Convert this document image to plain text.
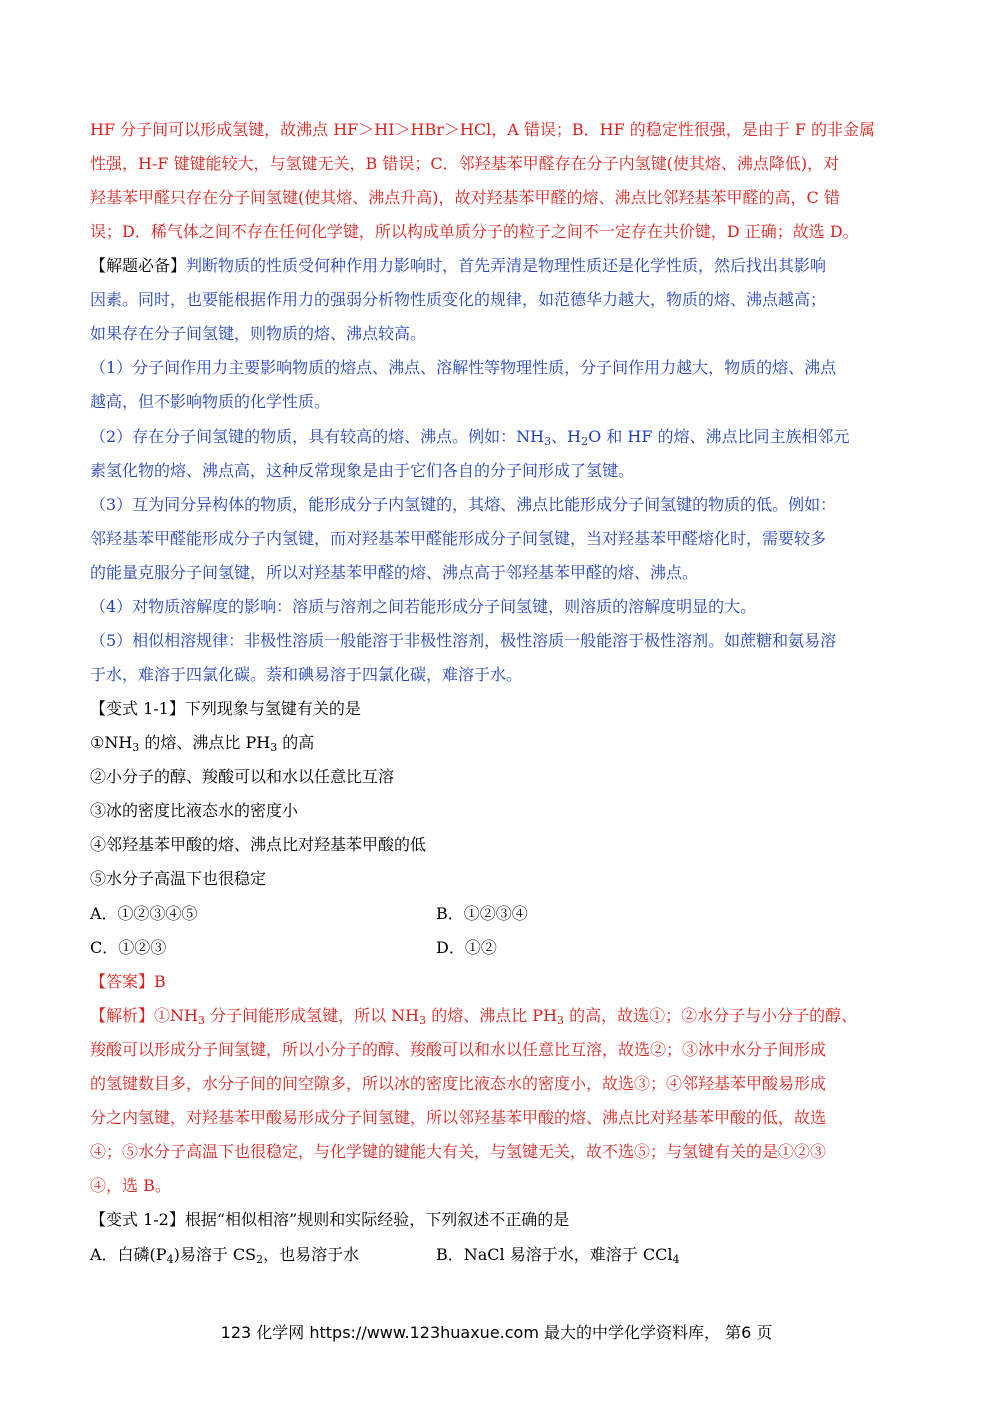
HF 分子间可以形成氢键，故沸点 HF＞HI＞HBr＞HCl，A 错误；B．HF 的稳定性很强，是由于 F 的非金属
性强，H-F 键键能较大，与氢键无关，B 错误；C．邻羟基苯甲醛存在分子内氢键(使其熔、沸点降低)，对
羟基苯甲醛只存在分子间氢键(使其熔、沸点升高)，故对羟基苯甲醛的熔、沸点比邻羟基苯甲醛的高，C 错
误；D．稀气体之间不存在任何化学键，所以构成单质分子的粒子之间不一定存在共价键，D 正确；故选 D。
【解题必备】判断物质的性质受何种作用力影响时，首先弄清是物理性质还是化学性质，然后找出其影响
因素。同时，也要能根据作用力的强弱分析物性质变化的规律，如范德华力越大，物质的熔、沸点越高；
如果存在分子间氢键，则物质的熔、沸点较高。
（1）分子间作用力主要影响物质的熔点、沸点、溶解性等物理性质，分子间作用力越大，物质的熔、沸点
越高，但不影响物质的化学性质。
（2）存在分子间氢键的物质，具有较高的熔、沸点。例如：$NH_3$、$H_2O$ 和 HF 的熔、沸点比同主族相邻元
素氢化物的熔、沸点高，这种反常现象是由于它们各自的分子间形成了氢键。
（3）互为同分异构体的物质，能形成分子内氢键的，其熔、沸点比能形成分子间氢键的物质的低。例如：
邻羟基苯甲醛能形成分子内氢键，而对羟基苯甲醛能形成分子间氢键，当对羟基苯甲醛熔化时，需要较多
的能量克服分子间氢键，所以对羟基苯甲醛的熔、沸点高于邻羟基苯甲醛的熔、沸点。
（4）对物质溶解度的影响：溶质与溶剂之间若能形成分子间氢键，则溶质的溶解度明显的大。
（5）相似相溶规律：非极性溶质一般能溶于非极性溶剂，极性溶质一般能溶于极性溶剂。如蔗糖和氨易溶
于水，难溶于四氯化碳。萘和碘易溶于四氯化碳，难溶于水。
【变式 1-1】下列现象与氢键有关的是
$①NH_3$ 的熔、沸点比 $PH_3$ 的高
②小分子的醇、羧酸可以和水以任意比互溶
③冰的密度比液态水的密度小
④邻羟基苯甲酸的熔、沸点比对羟基苯甲酸的低
⑤水分子高温下也很稳定
A．①②③④⑤	B．①②③④
C．①②③	D．①②
【答案】B
【解析】$①NH_3$ 分子间能形成氢键，所以 $NH_3$ 的熔、沸点比 $PH_3$ 的高，故选①；②水分子与小分子的醇、
羧酸可以形成分子间氢键，所以小分子的醇、羧酸可以和水以任意比互溶，故选②；③冰中水分子间形成
的氢键数目多，水分子间的间空隙多，所以冰的密度比液态水的密度小，故选③；④邻羟基苯甲酸易形成
分之内氢键，对羟基苯甲酸易形成分子间氢键，所以邻羟基苯甲酸的熔、沸点比对羟基苯甲酸的低，故选
④；⑤水分子高温下也很稳定，与化学键的键能大有关，与氢键无关，故不选⑤；与氢键有关的是①②③
④，选 B。
【变式 1-2】根据“相似相溶”规则和实际经验，下列叙述不正确的是
A．白磷$(P_4)$易溶于 $CS_2$，也易溶于水	B．NaCl 易溶于水，难溶于 CCl$_4$
123 化学网 https://www.123huaxue.com 最大的中学化学资料库， 第6 页
